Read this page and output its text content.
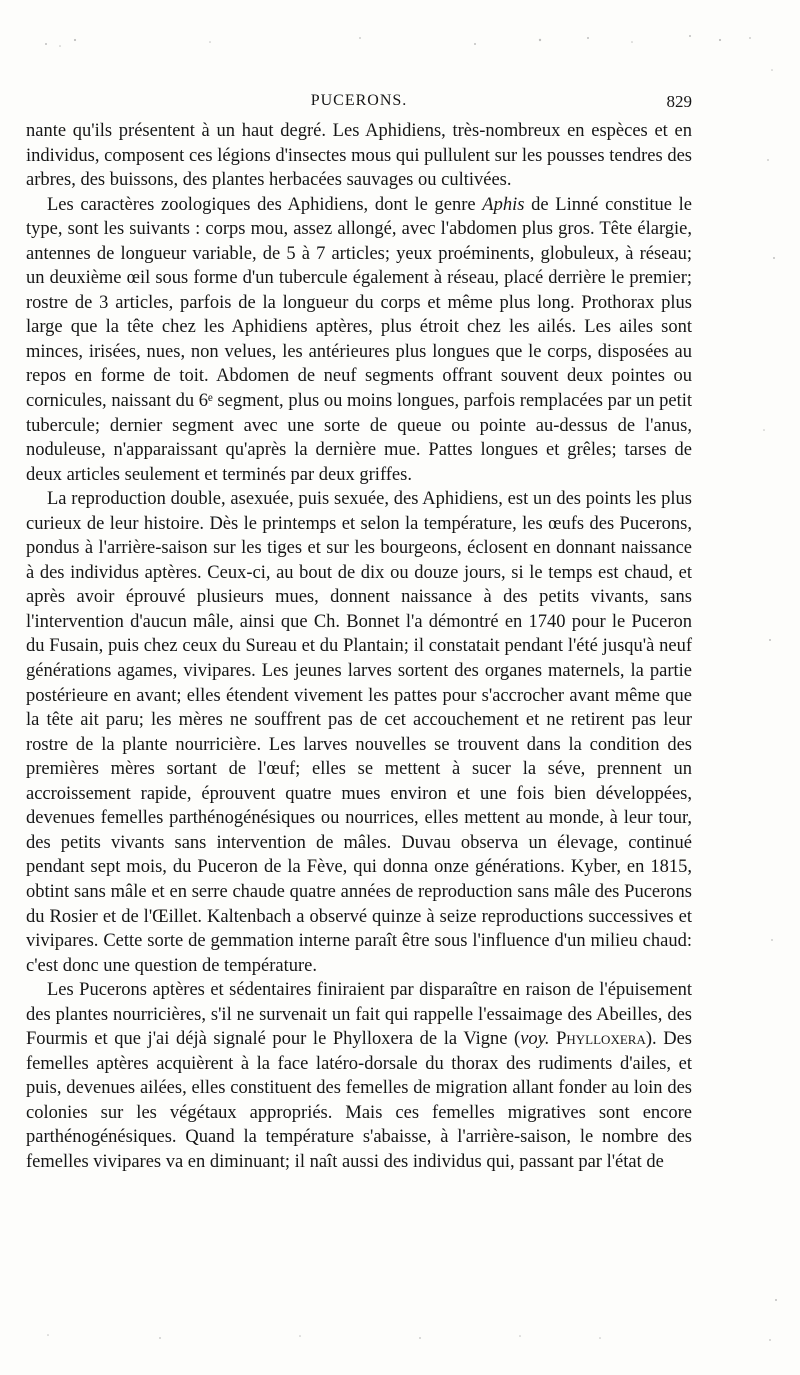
PUCERONS.	829

nante qu'ils présentent à un haut degré. Les Aphidiens, très-nombreux en espèces et en individus, composent ces légions d'insectes mous qui pullulent sur les pousses tendres des arbres, des buissons, des plantes herbacées sauvages ou cultivées.

Les caractères zoologiques des Aphidiens, dont le genre Aphis de Linné constitue le type, sont les suivants : corps mou, assez allongé, avec l'abdomen plus gros. Tête élargie, antennes de longueur variable, de 5 à 7 articles; yeux proéminents, globuleux, à réseau; un deuxième œil sous forme d'un tubercule également à réseau, placé derrière le premier; rostre de 3 articles, parfois de la longueur du corps et même plus long. Prothorax plus large que la tête chez les Aphidiens aptères, plus étroit chez les ailés. Les ailes sont minces, irisées, nues, non velues, les antérieures plus longues que le corps, disposées au repos en forme de toit. Abdomen de neuf segments offrant souvent deux pointes ou cornicules, naissant du 6ᵉ segment, plus ou moins longues, parfois remplacées par un petit tubercule; dernier segment avec une sorte de queue ou pointe au-dessus de l'anus, noduleuse, n'apparaissant qu'après la dernière mue. Pattes longues et grêles; tarses de deux articles seulement et terminés par deux griffes.

La reproduction double, asexuée, puis sexuée, des Aphidiens, est un des points les plus curieux de leur histoire. Dès le printemps et selon la température, les œufs des Pucerons, pondus à l'arrière-saison sur les tiges et sur les bourgeons, éclosent en donnant naissance à des individus aptères. Ceux-ci, au bout de dix ou douze jours, si le temps est chaud, et après avoir éprouvé plusieurs mues, donnent naissance à des petits vivants, sans l'intervention d'aucun mâle, ainsi que Ch. Bonnet l'a démontré en 1740 pour le Puceron du Fusain, puis chez ceux du Sureau et du Plantain; il constatait pendant l'été jusqu'à neuf générations agames, vivipares. Les jeunes larves sortent des organes maternels, la partie postérieure en avant; elles étendent vivement les pattes pour s'accrocher avant même que la tête ait paru; les mères ne souffrent pas de cet accouchement et ne retirent pas leur rostre de la plante nourricière. Les larves nouvelles se trouvent dans la condition des premières mères sortant de l'œuf; elles se mettent à sucer la séve, prennent un accroissement rapide, éprouvent quatre mues environ et une fois bien développées, devenues femelles parthénogénésiques ou nourrices, elles mettent au monde, à leur tour, des petits vivants sans intervention de mâles. Duvau observa un élevage, continué pendant sept mois, du Puceron de la Fève, qui donna onze générations. Kyber, en 1815, obtint sans mâle et en serre chaude quatre années de reproduction sans mâle des Pucerons du Rosier et de l'Œillet. Kaltenbach a observé quinze à seize reproductions successives et vivipares. Cette sorte de gemmation interne paraît être sous l'influence d'un milieu chaud: c'est donc une question de température.

Les Pucerons aptères et sédentaires finiraient par disparaître en raison de l'épuisement des plantes nourricières, s'il ne survenait un fait qui rappelle l'essaimage des Abeilles, des Fourmis et que j'ai déjà signalé pour le Phylloxera de la Vigne (voy. Phylloxera). Des femelles aptères acquièrent à la face latéro-dorsale du thorax des rudiments d'ailes, et puis, devenues ailées, elles constituent des femelles de migration allant fonder au loin des colonies sur les végétaux appropriés. Mais ces femelles migratives sont encore parthénogénésiques. Quand la température s'abaisse, à l'arrière-saison, le nombre des femelles vivipares va en diminuant; il naît aussi des individus qui, passant par l'état de
